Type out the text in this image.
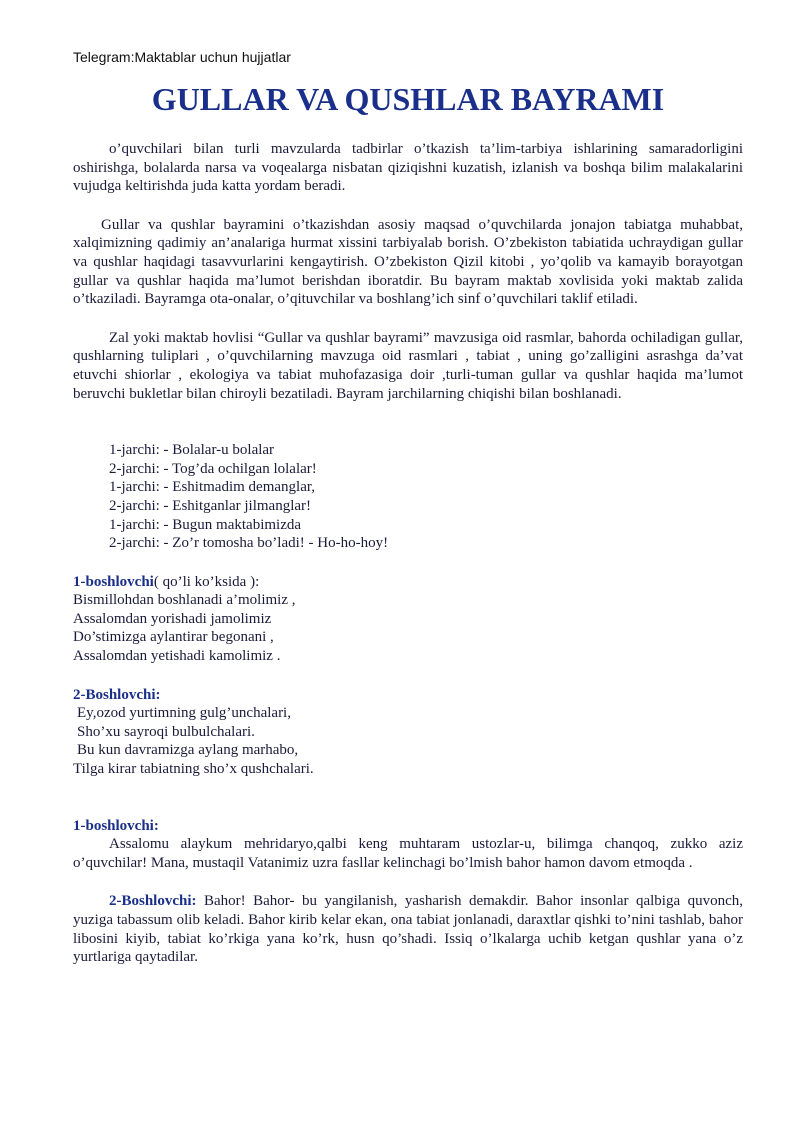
Telegram:Maktablar uchun hujjatlar

GULLAR VA QUSHLAR BAYRAMI

o’quvchilari bilan turli mavzularda tadbirlar o’tkazish ta’lim-tarbiya ishlarining samaradorligini oshirishga, bolalarda narsa va voqealarga nisbatan qiziqishni kuzatish, izlanish va boshqa bilim malakalarini vujudga keltirishda juda katta yordam beradi.

Gullar va qushlar bayramini o’tkazishdan asosiy maqsad o’quvchilarda jonajon tabiatga muhabbat, xalqimizning qadimiy an’analariga hurmat xissini tarbiyalab borish. O’zbekiston tabiatida uchraydigan gullar va qushlar haqidagi tasavvurlarini kengaytirish. O’zbekiston Qizil kitobi , yo’qolib va kamayib borayotgan gullar va qushlar haqida ma’lumot berishdan iboratdir. Bu bayram maktab xovlisida yoki maktab zalida o’tkaziladi. Bayramga ota-onalar, o’qituvchilar va boshlang’ich sinf o’quvchilari taklif etiladi.

Zal yoki maktab hovlisi “Gullar va qushlar bayrami” mavzusiga oid rasmlar, bahorda ochiladigan gullar, qushlarning tuliplari , o’quvchilarning mavzuga oid rasmlari , tabiat , uning go’zalligini asrashga da’vat etuvchi shiorlar , ekologiya va tabiat muhofazasiga doir ,turli-tuman gullar va qushlar haqida ma’lumot beruvchi bukletlar bilan chiroyli bezatiladi. Bayram jarchilarning chiqishi bilan boshlanadi.

1-jarchi: - Bolalar-u bolalar
2-jarchi: - Tog’da ochilgan lolalar!
1-jarchi: - Eshitmadim demanglar,
2-jarchi: - Eshitganlar jilmanglar!
1-jarchi: - Bugun maktabimizda
2-jarchi: - Zo’r tomosha bo’ladi! - Ho-ho-hoy!
1-boshlovchi( qo’li ko’ksida ):
Bismillohdan boshlanadi a’molimiz ,
Assalomdan yorishadi jamolimiz
Do’stimizga aylantirar begonani ,
Assalomdan yetishadi kamolimiz .
2-Boshlovchi:
Ey,ozod yurtimning gulg’unchalari,
Sho’xu sayroqi bulbulchalari.
Bu kun davramizga aylang marhabo,
Tilga kirar tabiatning sho’x qushchalari.
1-boshlovchi:

Assalomu alaykum mehridaryo,qalbi keng muhtaram ustozlar-u, bilimga chanqoq, zukko aziz o’quvchilar! Mana, mustaqil Vatanimiz uzra fasllar kelinchagi bo’lmish bahor hamon davom etmoqda .

2-Boshlovchi: Bahor! Bahor- bu yangilanish, yasharish demakdir. Bahor insonlar qalbiga quvonch, yuziga tabassum olib keladi. Bahor kirib kelar ekan, ona tabiat jonlanadi, daraxtlar qishki to’nini tashlab, bahor libosini kiyib, tabiat ko’rkiga yana ko’rk, husn qo’shadi. Issiq o’lkalarga uchib ketgan qushlar yana o’z yurtlariga qaytadilar.
